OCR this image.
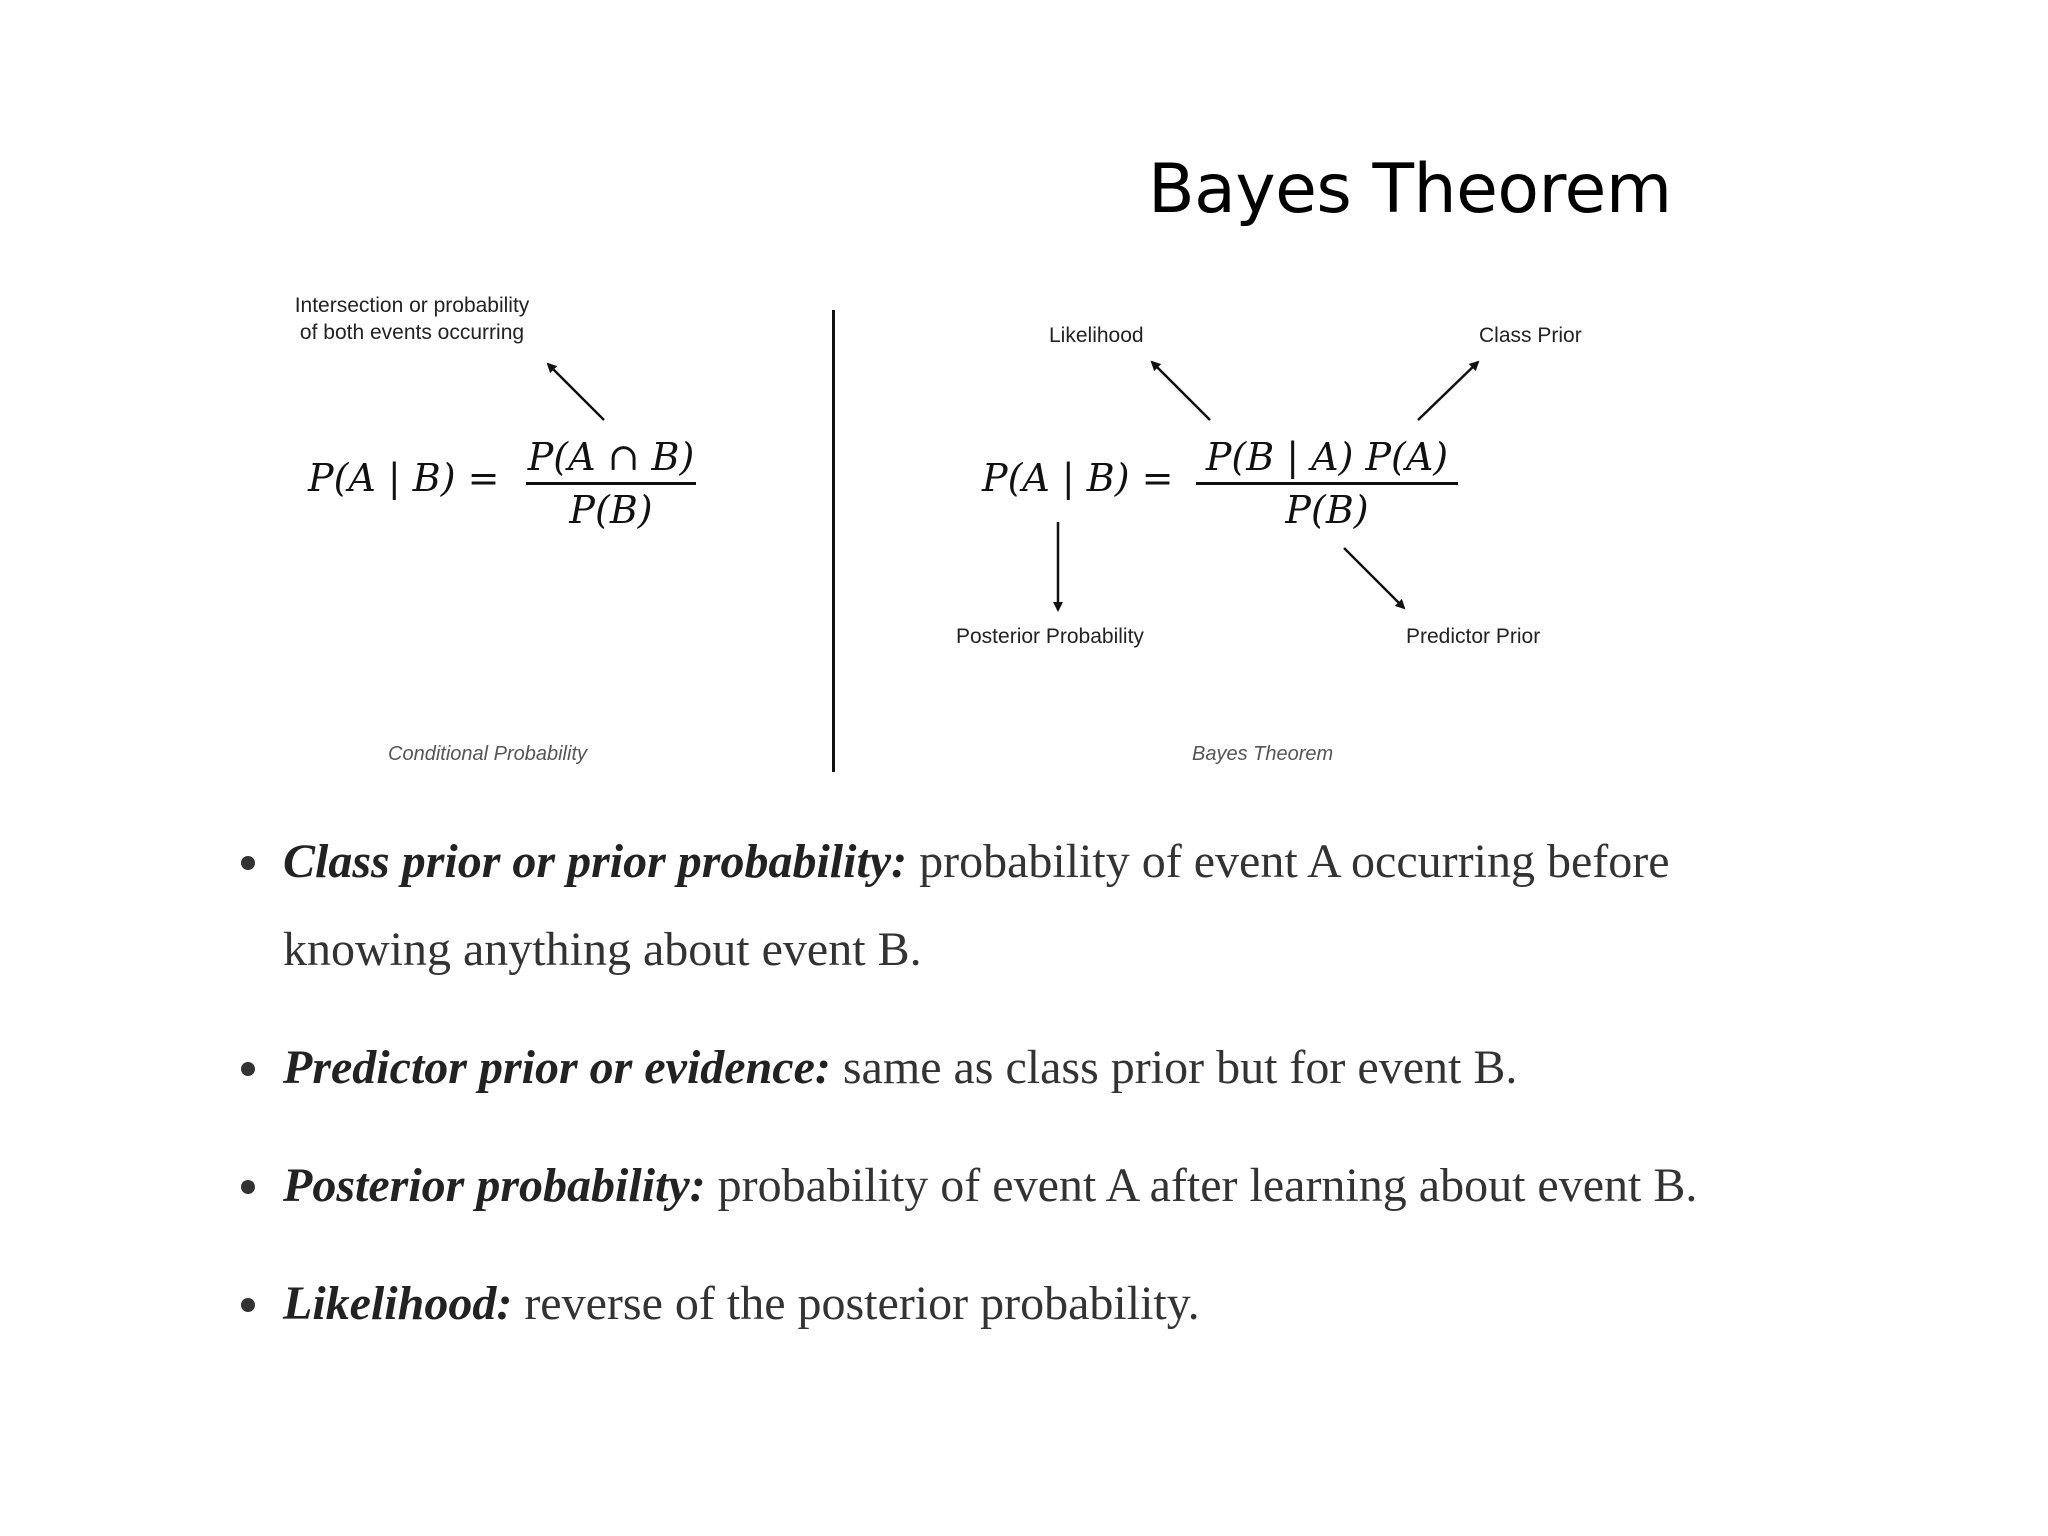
Bayes Theorem
Intersection or probability
of both events occurring
P(A | B) = P(A ∩ B)
P(B)
Conditional Probability
Likelihood	Class Prior
P(A | B) = P(B | A) P(A)
P(B)
Posterior Probability	Predictor Prior
Bayes Theorem
Class prior or prior probability: probability of event A occurring before knowing anything about event B.
Predictor prior or evidence: same as class prior but for event B.
Posterior probability: probability of event A after learning about event B.
Likelihood: reverse of the posterior probability.
